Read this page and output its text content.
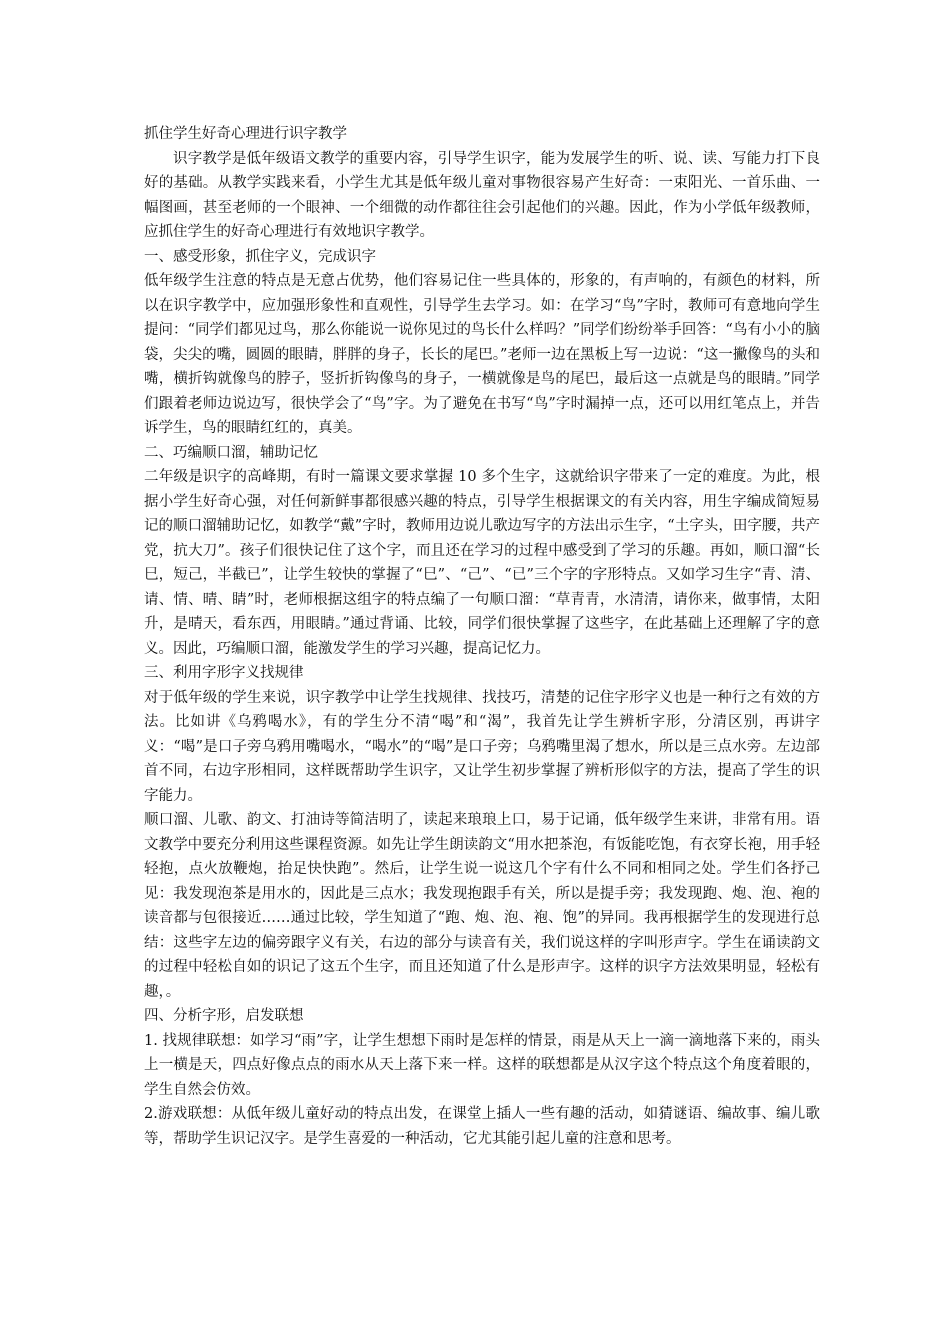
抓住学生好奇心理进行识字教学

识字教学是低年级语文教学的重要内容，引导学生识字，能为发展学生的听、说、读、写能力打下良好的基础。从教学实践来看，小学生尤其是低年级儿童对事物很容易产生好奇：一束阳光、一首乐曲、一幅图画，甚至老师的一个眼神、一个细微的动作都往往会引起他们的兴趣。因此，作为小学低年级教师，应抓住学生的好奇心理进行有效地识字教学。

一、感受形象，抓住字义，完成识字

低年级学生注意的特点是无意占优势，他们容易记住一些具体的，形象的，有声响的，有颜色的材料，所以在识字教学中，应加强形象性和直观性，引导学生去学习。如：在学习“鸟”字时，教师可有意地向学生提问：“同学们都见过鸟，那么你能说一说你见过的鸟长什么样吗？”同学们纷纷举手回答：“鸟有小小的脑袋，尖尖的嘴，圆圆的眼睛，胖胖的身子，长长的尾巴。”老师一边在黑板上写一边说：“这一撇像鸟的头和嘴，横折钩就像鸟的脖子，竖折折钩像鸟的身子，一横就像是鸟的尾巴，最后这一点就是鸟的眼睛。”同学们跟着老师边说边写，很快学会了“鸟”字。为了避免在书写“鸟”字时漏掉一点，还可以用红笔点上，并告诉学生，鸟的眼睛红红的，真美。

二、巧编顺口溜，辅助记忆

二年级是识字的高峰期，有时一篇课文要求掌握 10 多个生字，这就给识字带来了一定的难度。为此，根据小学生好奇心强，对任何新鲜事都很感兴趣的特点，引导学生根据课文的有关内容，用生字编成简短易记的顺口溜辅助记忆，如教学“戴”字时，教师用边说儿歌边写字的方法出示生字，“土字头，田字腰，共产党，抗大刀”。孩子们很快记住了这个字，而且还在学习的过程中感受到了学习的乐趣。再如，顺口溜“长巳，短己，半截已”，让学生较快的掌握了“巳”、“己”、“已”三个字的字形特点。又如学习生字“青、清、请、情、晴、睛”时，老师根据这组字的特点编了一句顺口溜：“草青青，水清清，请你来，做事情，太阳升，是晴天，看东西，用眼睛。”通过背诵、比较，同学们很快掌握了这些字，在此基础上还理解了字的意义。因此，巧编顺口溜，能激发学生的学习兴趣，提高记忆力。

三、利用字形字义找规律

对于低年级的学生来说，识字教学中让学生找规律、找技巧，清楚的记住字形字义也是一种行之有效的方法。比如讲《乌鸦喝水》，有的学生分不清“喝”和“渴”，我首先让学生辨析字形，分清区别，再讲字义：“喝”是口子旁乌鸦用嘴喝水，“喝水”的“喝”是口子旁；乌鸦嘴里渴了想水，所以是三点水旁。左边部首不同，右边字形相同，这样既帮助学生识字，又让学生初步掌握了辨析形似字的方法，提高了学生的识字能力。

顺口溜、儿歌、韵文、打油诗等简洁明了，读起来琅琅上口，易于记诵，低年级学生来讲，非常有用。语文教学中要充分利用这些课程资源。如先让学生朗读韵文“用水把茶泡，有饭能吃饱，有衣穿长袍，用手轻轻抱，点火放鞭炮，抬足快快跑”。然后，让学生说一说这几个字有什么不同和相同之处。学生们各抒己见：我发现泡茶是用水的，因此是三点水；我发现抱跟手有关，所以是提手旁；我发现跑、炮、泡、袍的读音都与包很接近……通过比较，学生知道了“跑、炮、泡、袍、饱”的异同。我再根据学生的发现进行总结：这些字左边的偏旁跟字义有关，右边的部分与读音有关，我们说这样的字叫形声字。学生在诵读韵文的过程中轻松自如的识记了这五个生字，而且还知道了什么是形声字。这样的识字方法效果明显，轻松有趣，。

四、分析字形，启发联想

1. 找规律联想：如学习“雨”字，让学生想想下雨时是怎样的情景，雨是从天上一滴一滴地落下来的，雨头上一横是天，四点好像点点的雨水从天上落下来一样。这样的联想都是从汉字这个特点这个角度着眼的，学生自然会仿效。

2.游戏联想：从低年级儿童好动的特点出发，在课堂上插人一些有趣的活动，如猜谜语、编故事、编儿歌等，帮助学生识记汉字。是学生喜爱的一种活动，它尤其能引起儿童的注意和思考。
